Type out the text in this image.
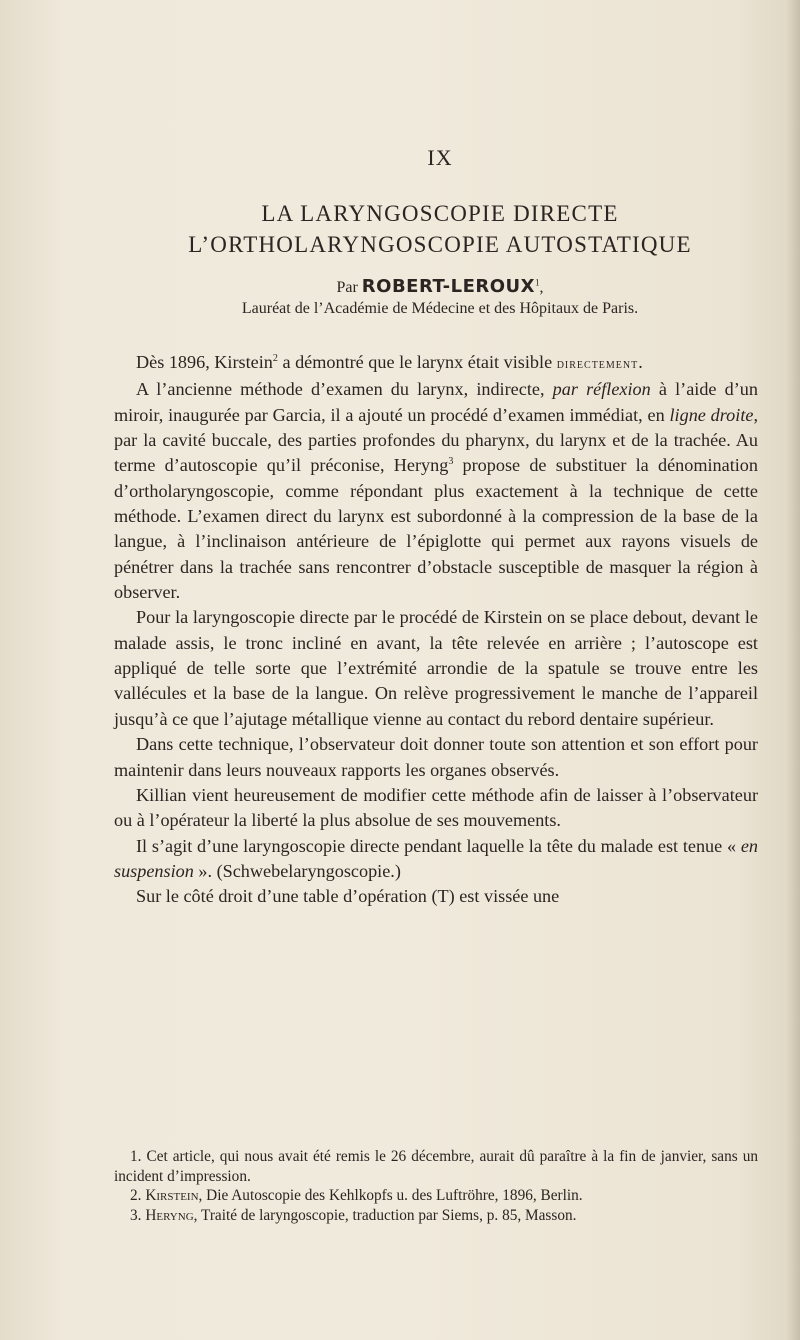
IX
LA LARYNGOSCOPIE DIRECTE
L’ORTHOLARYNGOSCOPIE AUTOSTATIQUE
Par ROBERT-LEROUX$^1$,
Lauréat de l’Académie de Médecine et des Hôpitaux de Paris.

Dès 1896, Kirstein$^2$ a démontré que le larynx était visible directement.

A l’ancienne méthode d’examen du larynx, indirecte, par réflexion à l’aide d’un miroir, inaugurée par Garcia, il a ajouté un procédé d’examen immédiat, en ligne droite, par la cavité buccale, des parties profondes du pharynx, du larynx et de la trachée. Au terme d’autoscopie qu’il préconise, Heryng$^3$ propose de substituer la dénomination d’ortholaryngoscopie, comme répondant plus exactement à la technique de cette méthode. L’examen direct du larynx est subordonné à la compression de la base de la langue, à l’inclinaison antérieure de l’épiglotte qui permet aux rayons visuels de pénétrer dans la trachée sans rencontrer d’obstacle susceptible de masquer la région à observer.

Pour la laryngoscopie directe par le procédé de Kirstein on se place debout, devant le malade assis, le tronc incliné en avant, la tête relevée en arrière ; l’autoscope est appliqué de telle sorte que l’extrémité arrondie de la spatule se trouve entre les vallécules et la base de la langue. On relève progressivement le manche de l’appareil jusqu’à ce que l’ajutage métallique vienne au contact du rebord dentaire supérieur.

Dans cette technique, l’observateur doit donner toute son attention et son effort pour maintenir dans leurs nouveaux rapports les organes observés.

Killian vient heureusement de modifier cette méthode afin de laisser à l’observateur ou à l’opérateur la liberté la plus absolue de ses mouvements.

Il s’agit d’une laryngoscopie directe pendant laquelle la tête du malade est tenue « en suspension ». (Schwebelaryngoscopie.)

Sur le côté droit d’une table d’opération (T) est vissée une

1. Cet article, qui nous avait été remis le 26 décembre, aurait dû paraître à la fin de janvier, sans un incident d’impression.

2. Kirstein, Die Autoscopie des Kehlkopfs u. des Luftröhre, 1896, Berlin.

3. Heryng, Traité de laryngoscopie, traduction par Siems, p. 85, Masson.
